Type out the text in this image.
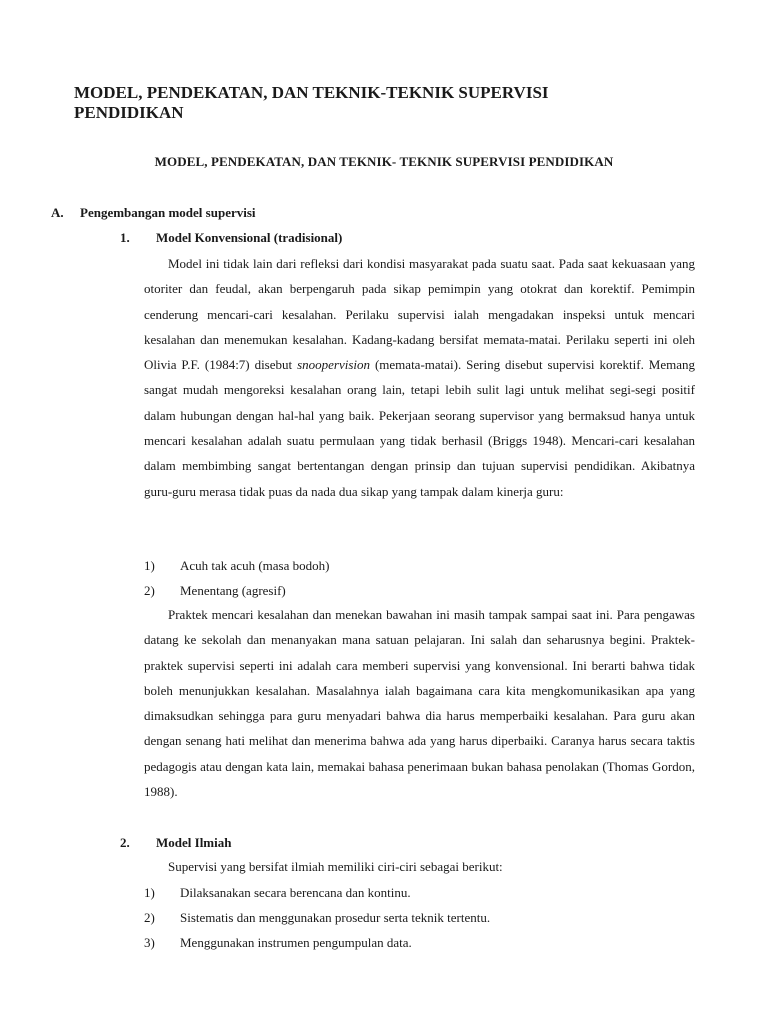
MODEL, PENDEKATAN, DAN TEKNIK-TEKNIK SUPERVISI PENDIDIKAN
MODEL, PENDEKATAN, DAN TEKNIK- TEKNIK SUPERVISI PENDIDIKAN
A. Pengembangan model supervisi
1. Model Konvensional (tradisional)

Model ini tidak lain dari refleksi dari kondisi masyarakat pada suatu saat. Pada saat kekuasaan yang otoriter dan feudal, akan berpengaruh pada sikap pemimpin yang otokrat dan korektif. Pemimpin cenderung mencari-cari kesalahan. Perilaku supervisi ialah mengadakan inspeksi untuk mencari kesalahan dan menemukan kesalahan. Kadang-kadang bersifat memata-matai. Perilaku seperti ini oleh Olivia P.F. (1984:7) disebut snoopervision (memata-matai). Sering disebut supervisi korektif. Memang sangat mudah mengoreksi kesalahan orang lain, tetapi lebih sulit lagi untuk melihat segi-segi positif dalam hubungan dengan hal-hal yang baik. Pekerjaan seorang supervisor yang bermaksud hanya untuk mencari kesalahan adalah suatu permulaan yang tidak berhasil (Briggs 1948). Mencari-cari kesalahan dalam membimbing sangat bertentangan dengan prinsip dan tujuan supervisi pendidikan. Akibatnya guru-guru merasa tidak puas da nada dua sikap yang tampak dalam kinerja guru:

1) Acuh tak acuh (masa bodoh)
2) Menentang (agresif)

Praktek mencari kesalahan dan menekan bawahan ini masih tampak sampai saat ini. Para pengawas datang ke sekolah dan menanyakan mana satuan pelajaran. Ini salah dan seharusnya begini. Praktek-praktek supervisi seperti ini adalah cara memberi supervisi yang konvensional. Ini berarti bahwa tidak boleh menunjukkan kesalahan. Masalahnya ialah bagaimana cara kita mengkomunikasikan apa yang dimaksudkan sehingga para guru menyadari bahwa dia harus memperbaiki kesalahan. Para guru akan dengan senang hati melihat dan menerima bahwa ada yang harus diperbaiki. Caranya harus secara taktis pedagogis atau dengan kata lain, memakai bahasa penerimaan bukan bahasa penolakan (Thomas Gordon, 1988).

2. Model Ilmiah

Supervisi yang bersifat ilmiah memiliki ciri-ciri sebagai berikut:

1) Dilaksanakan secara berencana dan kontinu.
2) Sistematis dan menggunakan prosedur serta teknik tertentu.
3) Menggunakan instrumen pengumpulan data.
